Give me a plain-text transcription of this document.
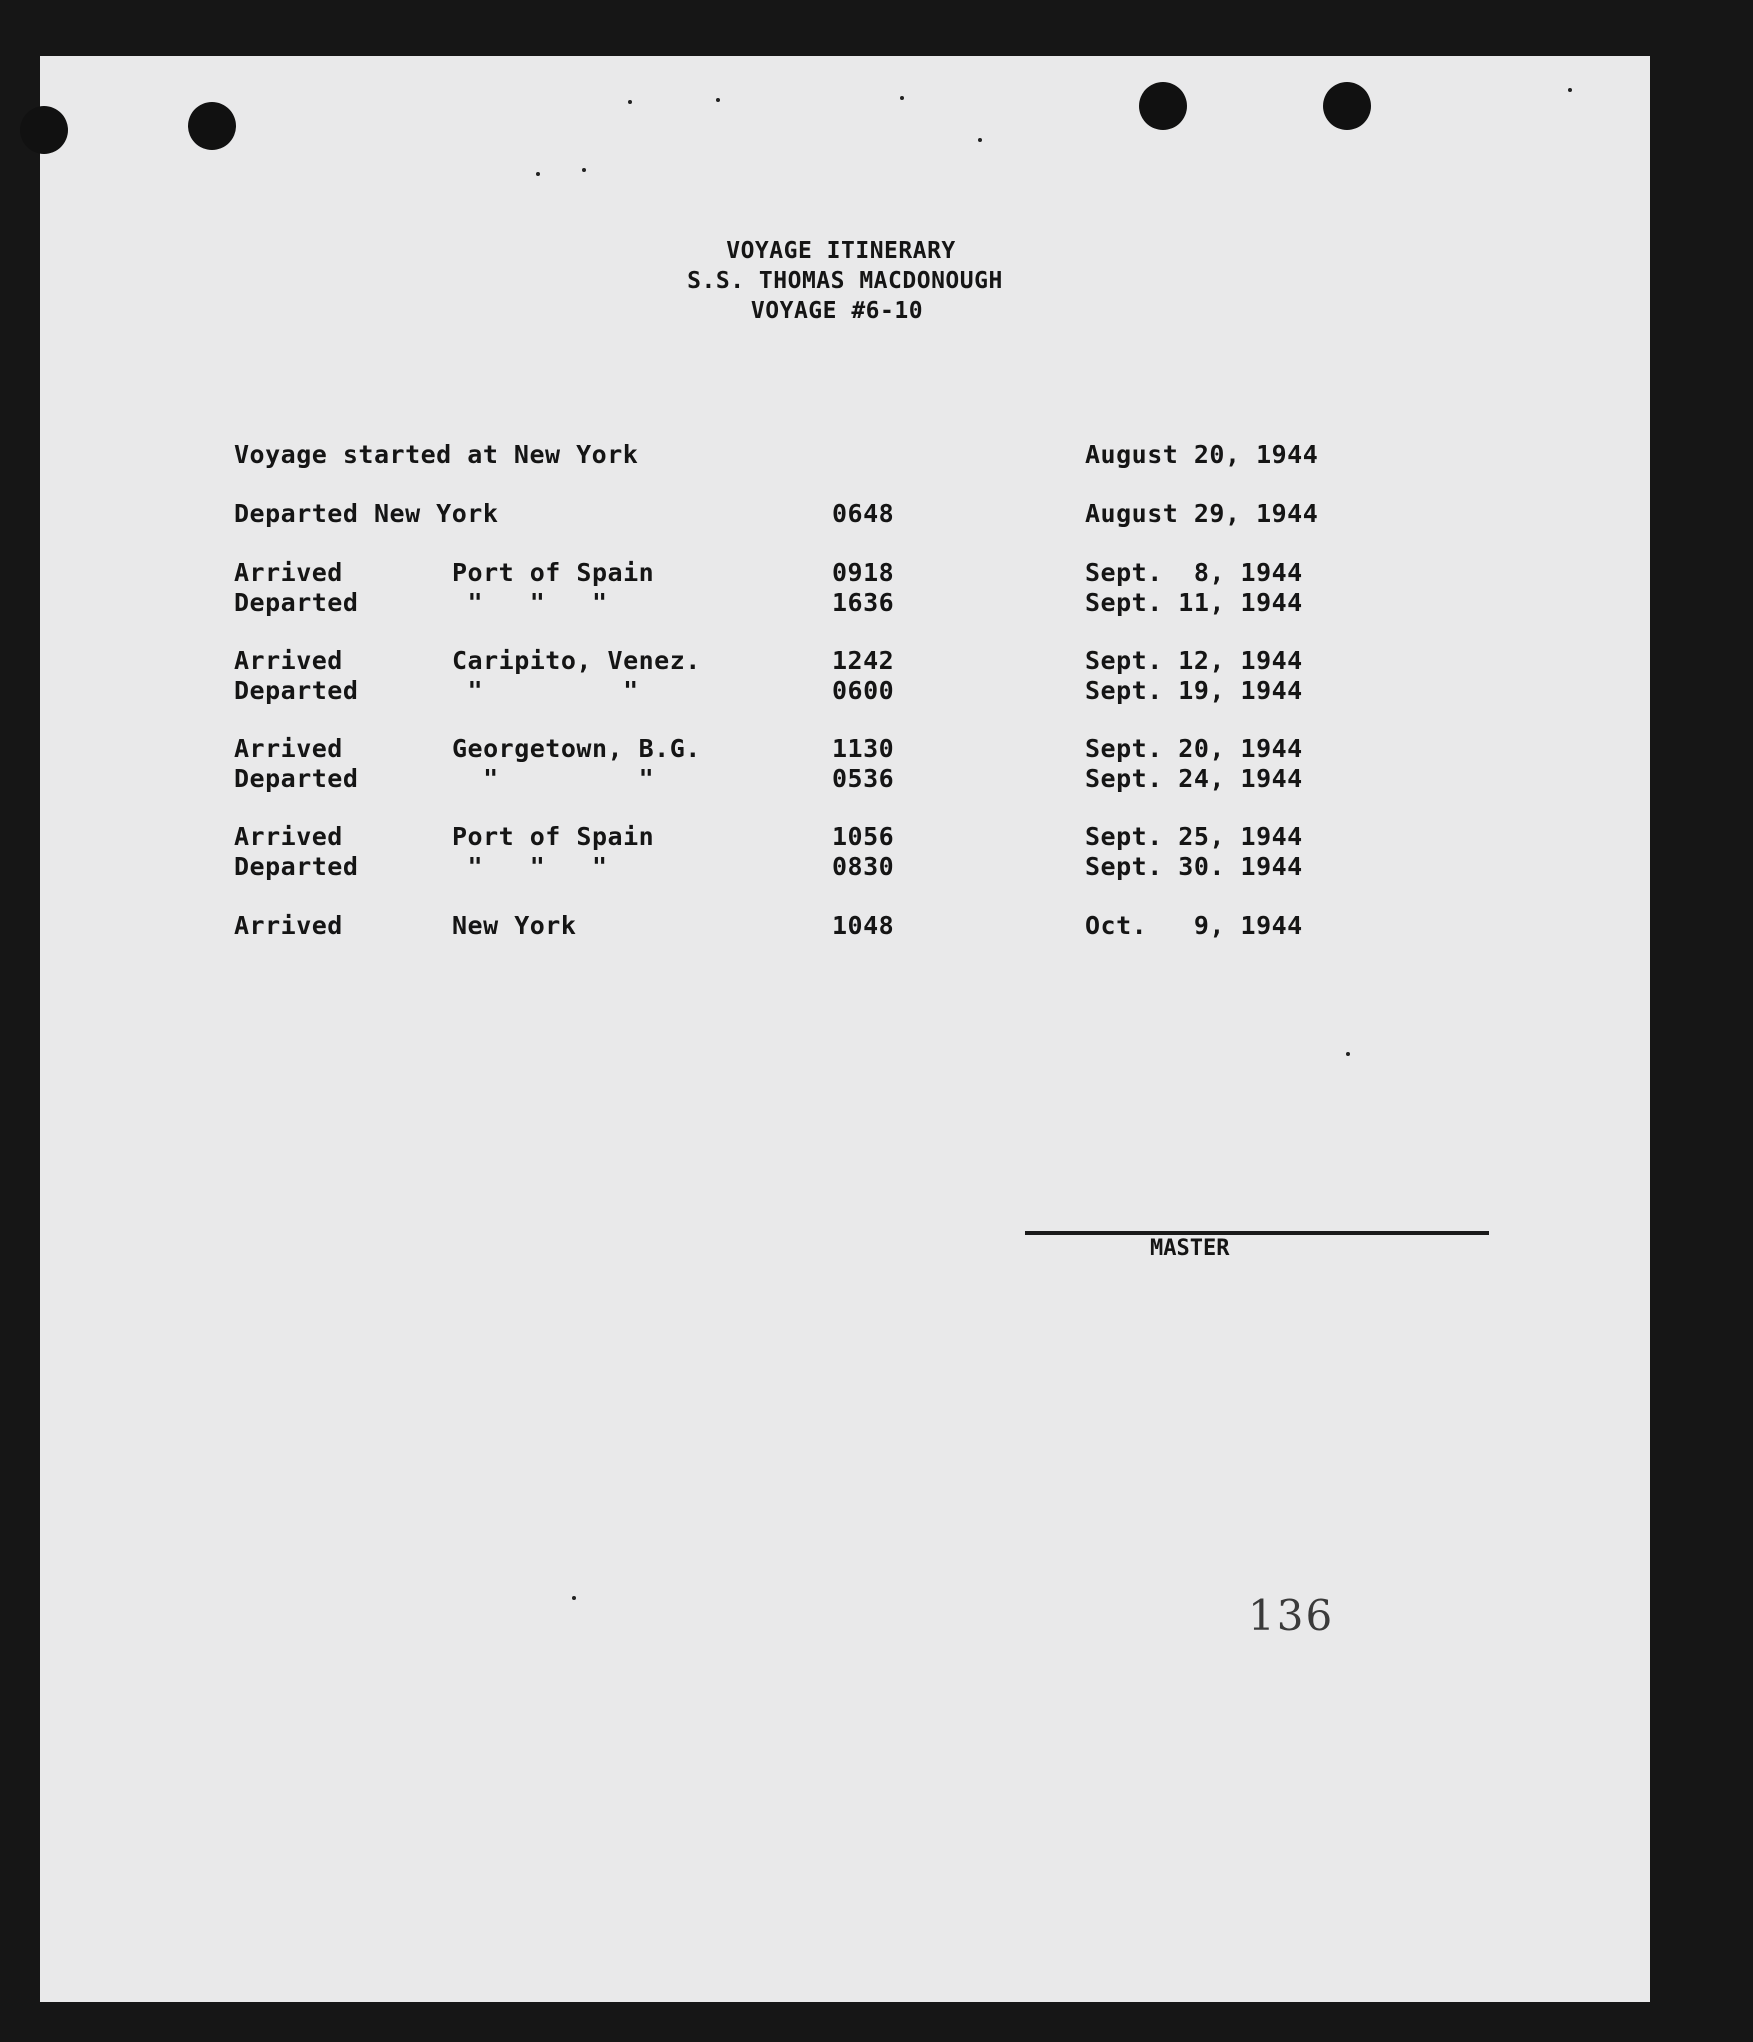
VOYAGE ITINERARY
S.S. THOMAS MACDONOUGH
VOYAGE #6-10
Voyage started at New York	August 20, 1944
Departed New York	0648	August 29, 1944
Arrived	Port of Spain	0918	Sept.  8, 1944
Departed	"   "   "	1636	Sept. 11, 1944
Arrived	Caripito, Venez.	1242	Sept. 12, 1944
Departed	"         "	0600	Sept. 19, 1944
Arrived	Georgetown, B.G.	1130	Sept. 20, 1944
Departed	"         "	0536	Sept. 24, 1944
Arrived	Port of Spain	1056	Sept. 25, 1944
Departed	"   "   "	0830	Sept. 30. 1944
Arrived	New York	1048	Oct.   9, 1944
MASTER
136
